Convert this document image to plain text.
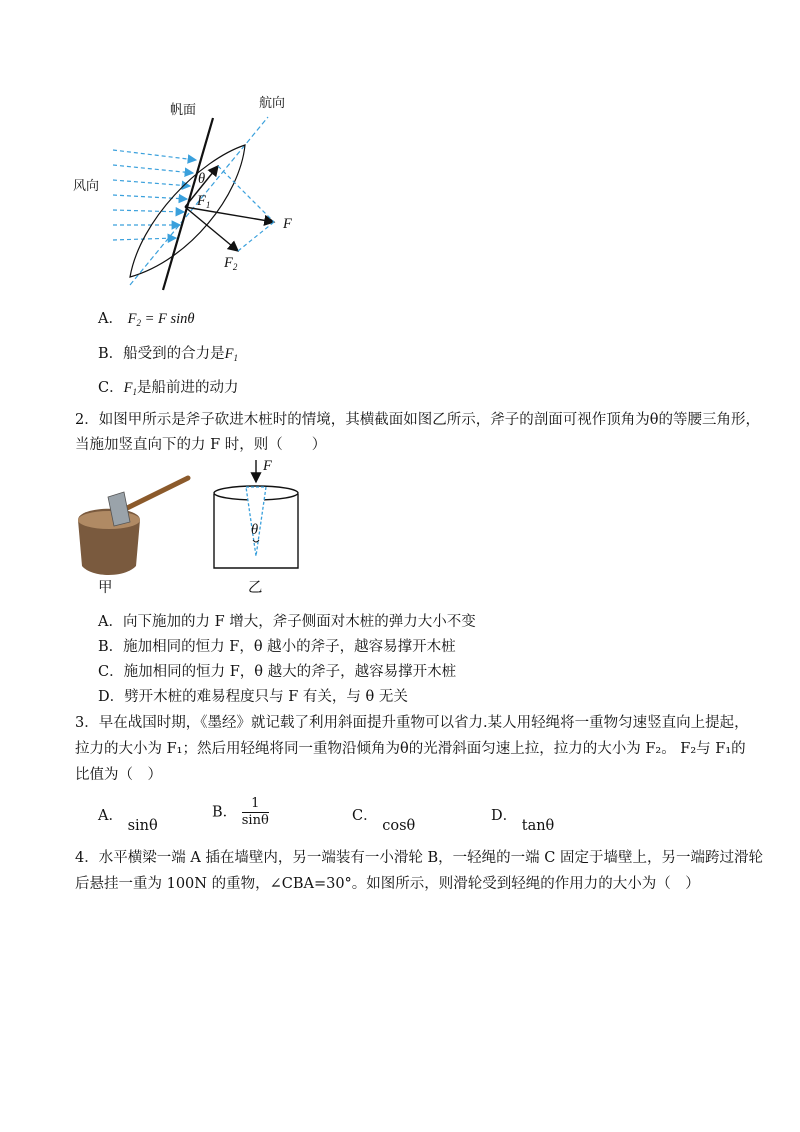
帆面	航向
风向	θ
$F_1$
F
$F_2$
A． $F_2 = F$ sinθ
B．船受到的合力是$F_1$
C．$F_1$是船前进的动力
2．如图甲所示是斧子砍进木桩时的情境，其横截面如图乙所示，斧子的剖面可视作顶角为θ的等腰三角形，
当施加竖直向下的力 F 时，则（　　）
F
θ
甲	乙
A．向下施加的力 F 增大，斧子侧面对木桩的弹力大小不变
B．施加相同的恒力 F，θ 越小的斧子，越容易撑开木桩
C．施加相同的恒力 F，θ 越大的斧子，越容易撑开木桩
D．劈开木桩的难易程度只与 F 有关，与 θ 无关
3．早在战国时期，《墨经》就记载了利用斜面提升重物可以省力.某人用轻绳将一重物匀速竖直向上提起，
拉力的大小为 F₁；然后用轻绳将同一重物沿倾角为θ的光滑斜面匀速上拉，拉力的大小为 F₂。 F₂与 F₁的
比值为（　）
A． sinθ
B． $\frac{1}{\sin\theta}$	C． cosθ
D． tanθ
4．水平横梁一端 A 插在墙壁内，另一端装有一小滑轮 B，一轻绳的一端 C 固定于墙壁上，另一端跨过滑轮
后悬挂一重为 100N 的重物，∠CBA=30°。如图所示，则滑轮受到轻绳的作用力的大小为（　）
